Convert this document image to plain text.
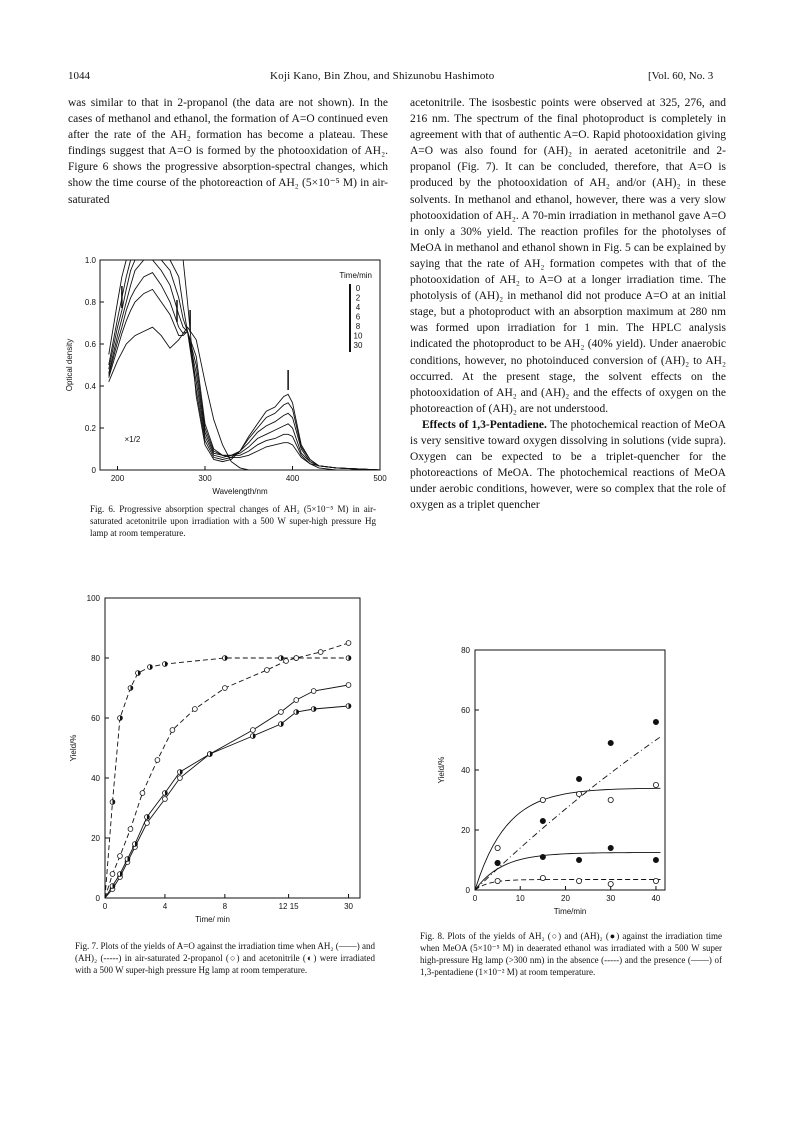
1044	Koji Kano, Bin Zhou, and Shizunobu Hashimoto	[Vol. 60, No. 3

was similar to that in 2-propanol (the data are not shown). In the cases of methanol and ethanol, the formation of A=O continued even after the rate of the AH₂ formation has become a plateau. These findings suggest that A=O is formed by the photooxidation of AH₂. Figure 6 shows the progressive absorption-spectral changes, which show the time course of the photoreaction of AH₂ (5×10⁻⁵ M) in air-saturated

acetonitrile. The isosbestic points were observed at 325, 276, and 216 nm. The spectrum of the final photoproduct is completely in agreement with that of authentic A=O. Rapid photooxidation giving A=O was also found for (AH)₂ in aerated acetonitrile and 2-propanol (Fig. 7). It can be concluded, therefore, that A=O is produced by the photooxidation of AH₂ and/or (AH)₂ in these solvents. In methanol and ethanol, however, there was a very slow photooxidation of AH₂. A 70-min irradiation in methanol gave A=O in only a 30% yield. The reaction profiles for the photolyses of MeOA in methanol and ethanol shown in Fig. 5 can be explained by saying that the rate of AH₂ formation competes with that of the photooxidation of AH₂ to A=O at a longer irradiation time. The photolysis of (AH)₂ in methanol did not produce A=O at an initial stage, but a photoproduct with an absorption maximum at 280 nm was formed upon irradiation for 1 min. The HPLC analysis indicated the photoproduct to be AH₂ (40% yield). Under anaerobic conditions, however, no photoinduced conversion of (AH)₂ to AH₂ occurred. At the present stage, the solvent effects on the photooxidation of AH₂ and (AH)₂ and the effects of oxygen on the photoreaction of (AH)₂ are not understood.

Effects of 1,3-Pentadiene. The photochemical reaction of MeOA is very sensitive toward oxygen dissolving in solutions (vide supra). Oxygen can be expected to be a triplet-quencher for the photoreactions of MeOA. The photochemical reactions of MeOA under aerobic conditions, however, were so complex that the role of oxygen as a triplet quencher

200	300	400	500
0
0.2
0.4
0.6
0.8
1.0
Wavelength/nm
Optical density
Time/min
0
2
4
6
8
10
30
×1/2
Fig. 6. Progressive absorption spectral changes of AH₂ (5×10⁻⁵ M) in air-saturated acetonitrile upon irradiation with a 500 W super-high pressure Hg lamp at room temperature.
0	4	8	12 15	30
0
20
40
60
80
100
Time/ min
Yield/%
Fig. 7. Plots of the yields of A=O against the irradiation time when AH₂ (——) and (AH)₂ (-----) in air-saturated 2-propanol (○) and acetonitrile (◐) were irradiated with a 500 W super-high pressure Hg lamp at room temperature.
0	10	20	30	40
0
20
40
60
80
Time/min
Yield/%
Fig. 8. Plots of the yields of AH₂ (○) and (AH)₂ (●) against the irradiation time when MeOA (5×10⁻⁵ M) in deaerated ethanol was irradiated with a 500 W super high-pressure Hg lamp (>300 nm) in the absence (-----) and the presence (——) of 1,3-pentadiene (1×10⁻² M) at room temperature.
